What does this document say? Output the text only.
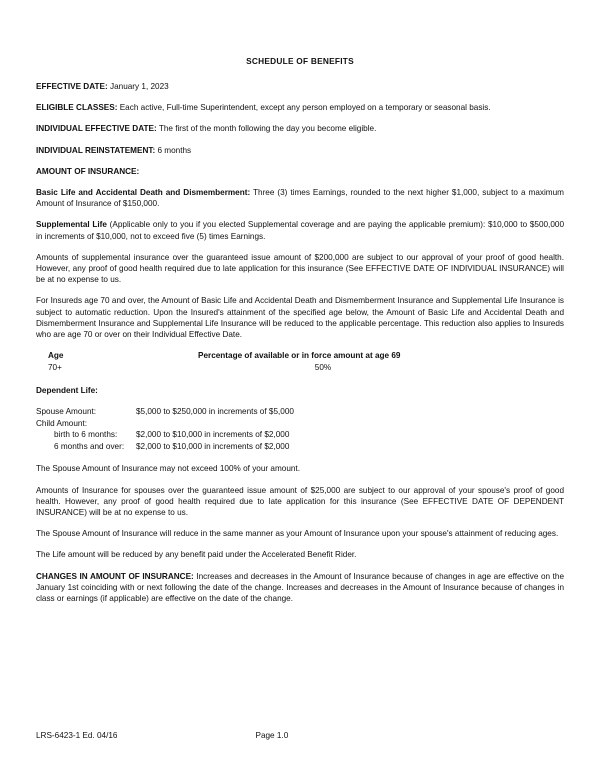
SCHEDULE OF BENEFITS

EFFECTIVE DATE: January 1, 2023

ELIGIBLE CLASSES: Each active, Full-time Superintendent, except any person employed on a temporary or seasonal basis.

INDIVIDUAL EFFECTIVE DATE: The first of the month following the day you become eligible.

INDIVIDUAL REINSTATEMENT: 6 months

AMOUNT OF INSURANCE:

Basic Life and Accidental Death and Dismemberment: Three (3) times Earnings, rounded to the next higher $1,000, subject to a maximum Amount of Insurance of $150,000.

Supplemental Life (Applicable only to you if you elected Supplemental coverage and are paying the applicable premium): $10,000 to $500,000 in increments of $10,000, not to exceed five (5) times Earnings.

Amounts of supplemental insurance over the guaranteed issue amount of $200,000 are subject to our approval of your proof of good health. However, any proof of good health required due to late application for this insurance (See EFFECTIVE DATE OF INDIVIDUAL INSURANCE) will be at no expense to us.

For Insureds age 70 and over, the Amount of Basic Life and Accidental Death and Dismemberment Insurance and Supplemental Life Insurance is subject to automatic reduction. Upon the Insured's attainment of the specified age below, the Amount of Basic Life and Accidental Death and Dismemberment Insurance and Supplemental Life Insurance will be reduced to the applicable percentage. This reduction also applies to Insureds who are age 70 or over on their Individual Effective Date.

Age	Percentage of available or in force amount at age 69
70+	50%
Dependent Life:
Spouse Amount:	$5,000 to $250,000 in increments of $5,000
Child Amount:	
birth to 6 months:	$2,000 to $10,000 in increments of $2,000
6 months and over:	$2,000 to $10,000 in increments of $2,000

The Spouse Amount of Insurance may not exceed 100% of your amount.

Amounts of Insurance for spouses over the guaranteed issue amount of $25,000 are subject to our approval of your spouse's proof of good health. However, any proof of good health required due to late application for this insurance (See EFFECTIVE DATE OF DEPENDENT INSURANCE) will be at no expense to us.

The Spouse Amount of Insurance will reduce in the same manner as your Amount of Insurance upon your spouse's attainment of reducing ages.

The Life amount will be reduced by any benefit paid under the Accelerated Benefit Rider.

CHANGES IN AMOUNT OF INSURANCE: Increases and decreases in the Amount of Insurance because of changes in age are effective on the January 1st coinciding with or next following the date of the change. Increases and decreases in the Amount of Insurance because of changes in class or earnings (if applicable) are effective on the date of the change.

LRS-6423-1 Ed. 04/16	Page 1.0
